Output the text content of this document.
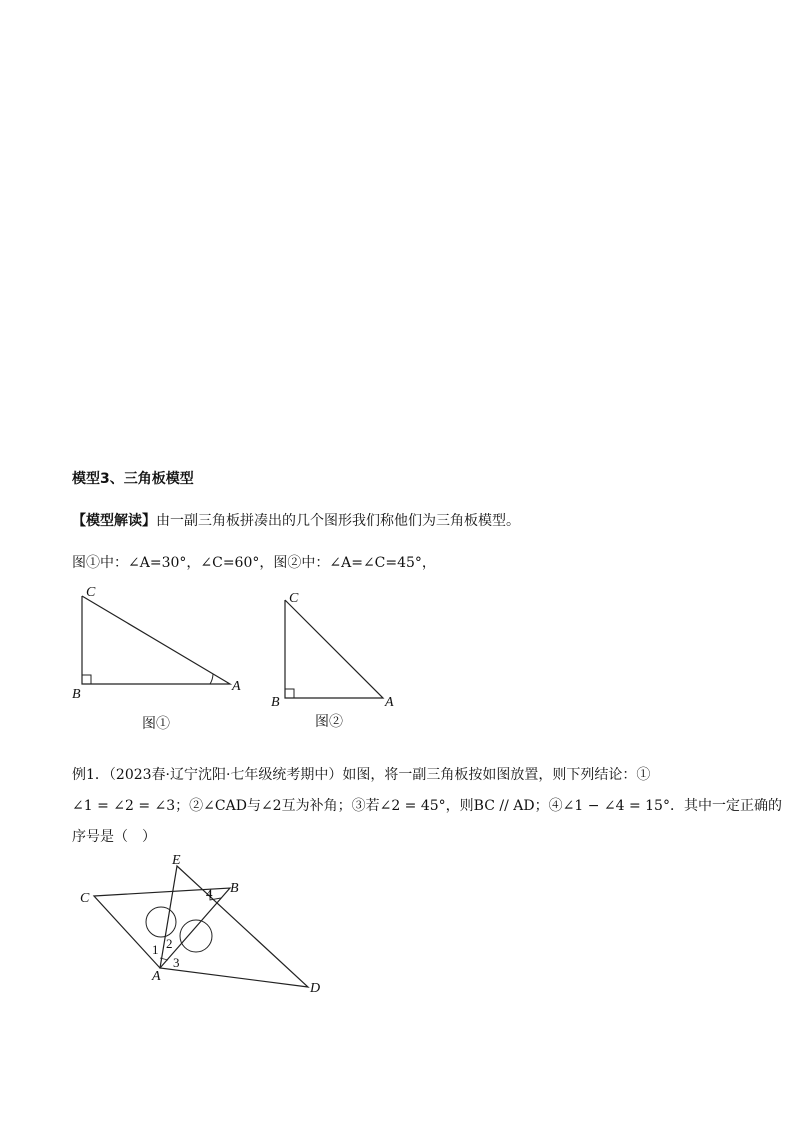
模型3、三角板模型
【模型解读】由一副三角板拼凑出的几个图形我们称他们为三角板模型。
图①中：∠A=30°，∠C=60°，图②中：∠A=∠C=45°，
C
B
A
图①
C
B	A
图②
例1．（2023春·辽宁沈阳·七年级统考期中）如图，将一副三角板按如图放置，则下列结论：①
∠1 = ∠2 = ∠3；②∠CAD与∠2互为补角；③若∠2 = 45°，则BC // AD；④∠1 − ∠4 = 15°．其中一定正确的
序号是（　）
E
B
C
A
D
1 2
3
4
